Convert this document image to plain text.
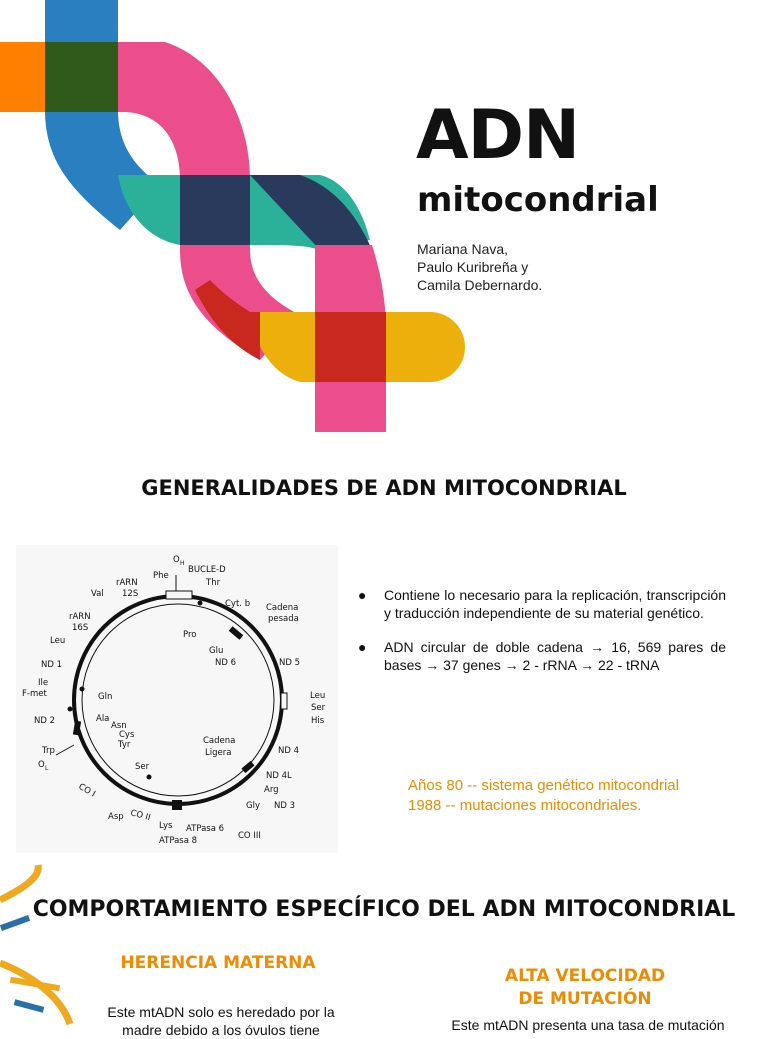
ADN
mitocondrial
Mariana Nava,
Paulo Kuribreña y
Camila Debernardo.
GENERALIDADES DE ADN MITOCONDRIAL
O H
BUCLE-D
Thr
Phe
Cyt. b
rARN
12S
Val
rARN
16S
Cadena
pesada
Pro
Glu
ND 6
Leu
ND 5
ND 1
Ile
F-met	Gln	Leu
Ser
His
ND 2	Ala
Asn
Cys
Tyr	Cadena
Ligera
Trp	ND 4
O L	Ser
ND 4L
Arg
CO I
Gly ND 3
Asp CO II
Lys ATPasa 6
CO III
ATPasa 8
● Contiene lo necesario para la replicación, transcripción y traducción independiente de su material genético.
● ADN circular de doble cadena → 16, 569 pares de bases → 37 genes → 2 - rRNA → 22 - tRNA
Años 80 -- sistema genético mitocondrial
1988 -- mutaciones mitocondriales.
COMPORTAMIENTO ESPECÍFICO DEL ADN MITOCONDRIAL
HERENCIA MATERNA
Este mtADN solo es heredado por la
madre debido a los óvulos tiene
ALTA VELOCIDAD
DE MUTACIÓN
Este mtADN presenta una tasa de mutación
